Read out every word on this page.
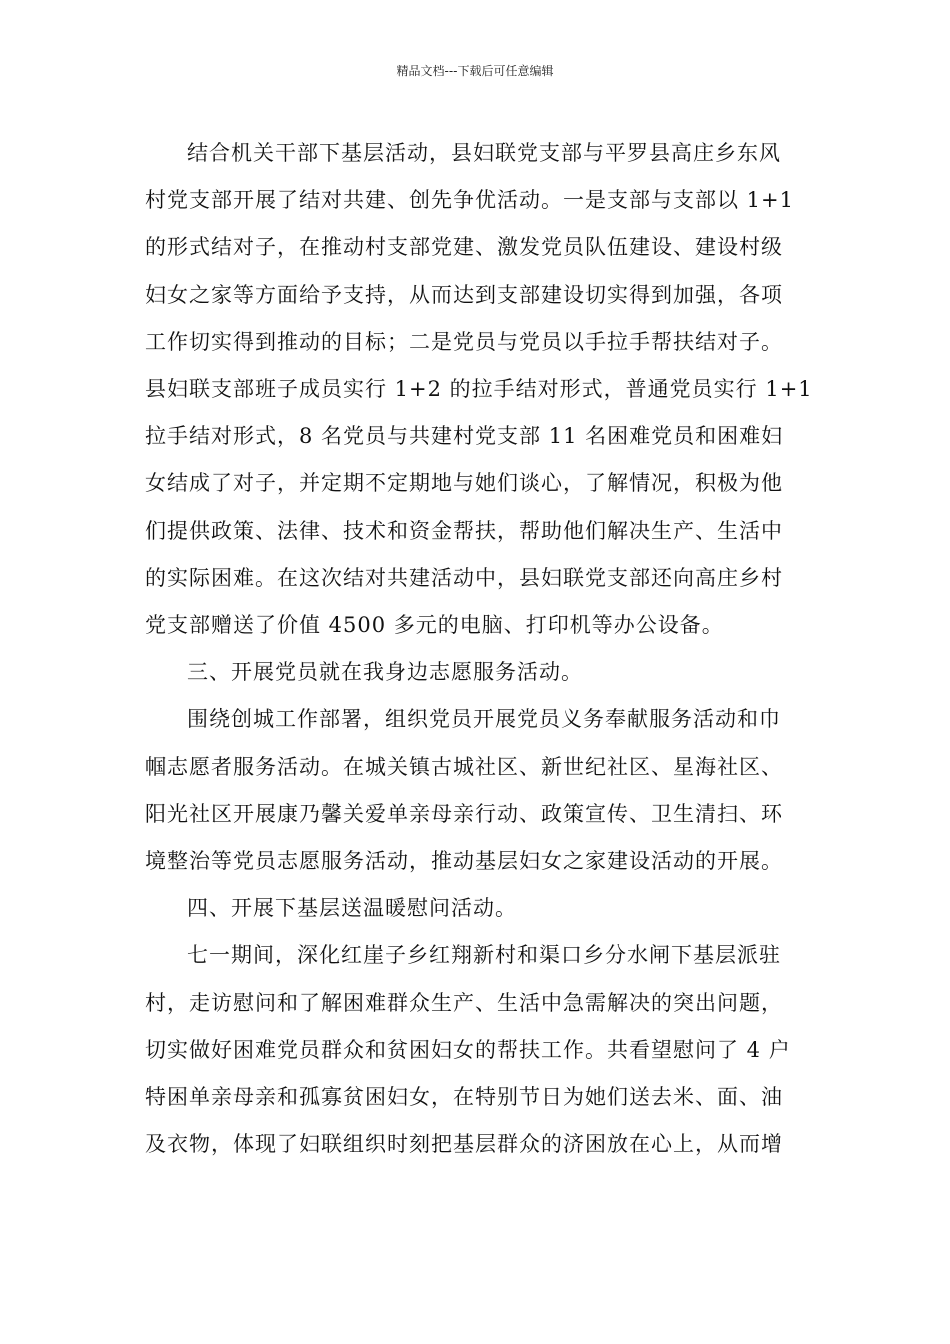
精品文档---下载后可任意编辑

结合机关干部下基层活动，县妇联党支部与平罗县高庄乡东风
村党支部开展了结对共建、创先争优活动。一是支部与支部以 1+1
的形式结对子，在推动村支部党建、激发党员队伍建设、建设村级
妇女之家等方面给予支持，从而达到支部建设切实得到加强，各项
工作切实得到推动的目标；二是党员与党员以手拉手帮扶结对子。
县妇联支部班子成员实行 1+2 的拉手结对形式，普通党员实行 1+1
拉手结对形式，8 名党员与共建村党支部 11 名困难党员和困难妇
女结成了对子，并定期不定期地与她们谈心，了解情况，积极为他
们提供政策、法律、技术和资金帮扶，帮助他们解决生产、生活中
的实际困难。在这次结对共建活动中，县妇联党支部还向高庄乡村
党支部赠送了价值 4500 多元的电脑、打印机等办公设备。

三、开展党员就在我身边志愿服务活动。

围绕创城工作部署，组织党员开展党员义务奉献服务活动和巾
帼志愿者服务活动。在城关镇古城社区、新世纪社区、星海社区、
阳光社区开展康乃馨关爱单亲母亲行动、政策宣传、卫生清扫、环
境整治等党员志愿服务活动，推动基层妇女之家建设活动的开展。

四、开展下基层送温暖慰问活动。

七一期间，深化红崖子乡红翔新村和渠口乡分水闸下基层派驻
村，走访慰问和了解困难群众生产、生活中急需解决的突出问题，
切实做好困难党员群众和贫困妇女的帮扶工作。共看望慰问了 4 户
特困单亲母亲和孤寡贫困妇女，在特别节日为她们送去米、面、油
及衣物，体现了妇联组织时刻把基层群众的济困放在心上，从而增
